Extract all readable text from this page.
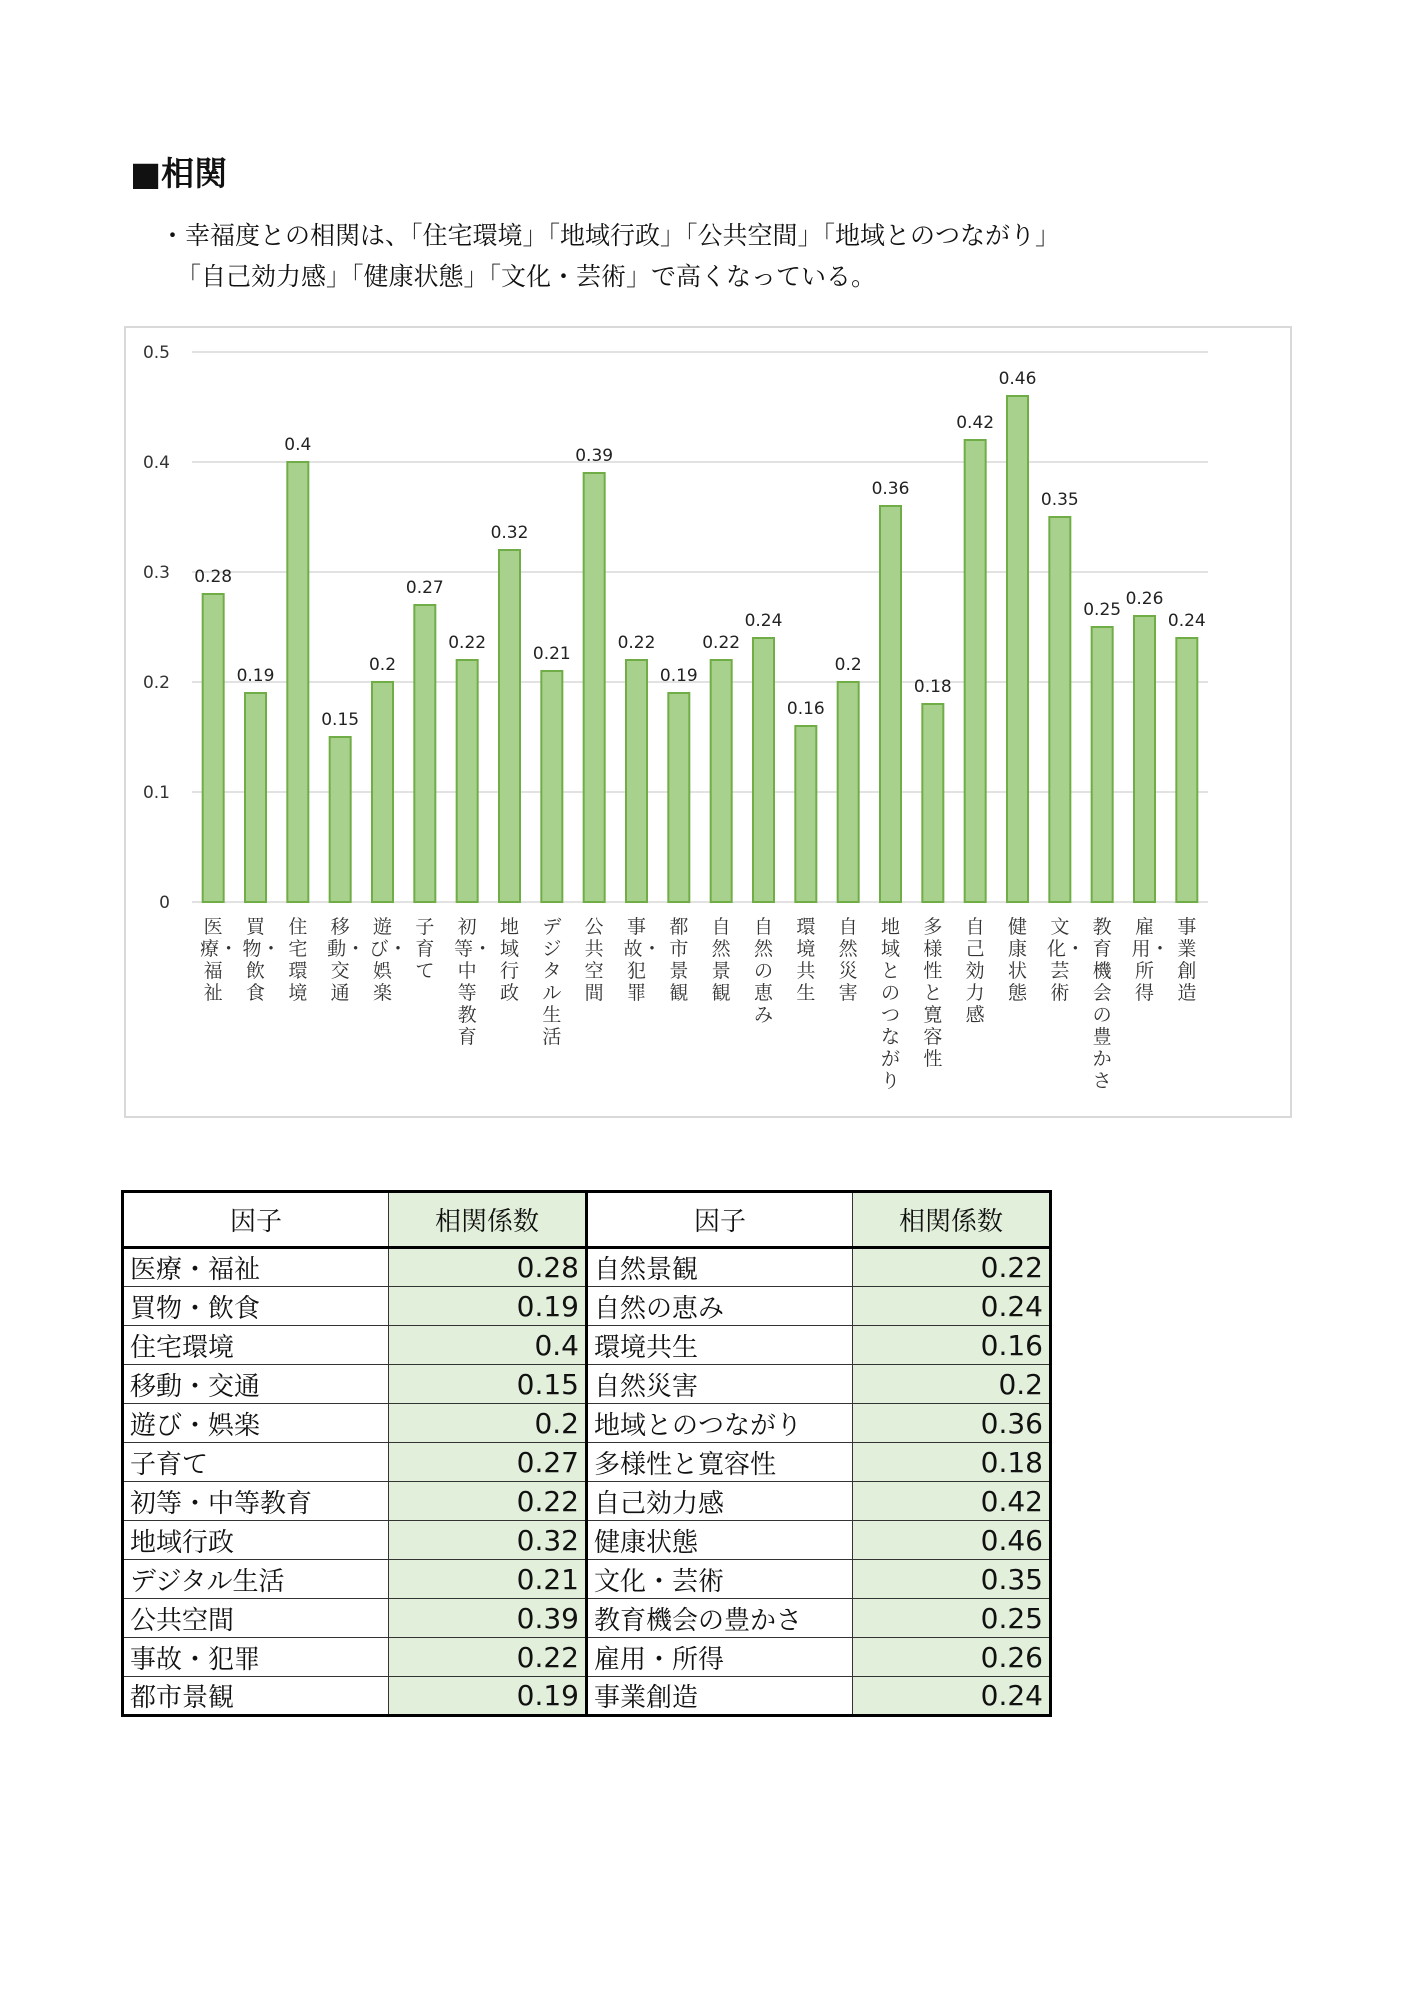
■相関
・幸福度との相関は、「住宅環境」「地域行政」「公共空間」「地域とのつながり」
「自己効力感」「健康状態」「文化・芸術」で高くなっている。
0
0.1
0.2
0.3
0.4
0.5
0.28
0.19
0.4
0.15
0.2
0.27
0.22
0.32
0.21
0.39
0.22
0.19
0.22
0.24
0.16
0.2
0.36
0.18
0.42
0.46
0.35
0.25
0.26
0.24
医療・福祉
買物・飲食
住宅環境
移動・交通
遊び・娯楽
子育て
初等・中等教育
地域行政
デジタル生活
公共空間
事故・犯罪
都市景観
自然景観
自然の恵み
環境共生
自然災害
地域とのつながり
多様性と寛容性
自己効力感
健康状態
文化・芸術
教育機会の豊かさ
雇用・所得
事業創造
因子	相関係数	因子	相関係数
医療・福祉	0.28	自然景観	0.22
買物・飲食	0.19	自然の恵み	0.24
住宅環境	0.4	環境共生	0.16
移動・交通	0.15	自然災害	0.2
遊び・娯楽	0.2	地域とのつながり	0.36
子育て	0.27	多様性と寛容性	0.18
初等・中等教育	0.22	自己効力感	0.42
地域行政	0.32	健康状態	0.46
デジタル生活	0.21	文化・芸術	0.35
公共空間	0.39	教育機会の豊かさ	0.25
事故・犯罪	0.22	雇用・所得	0.26
都市景観	0.19	事業創造	0.24
